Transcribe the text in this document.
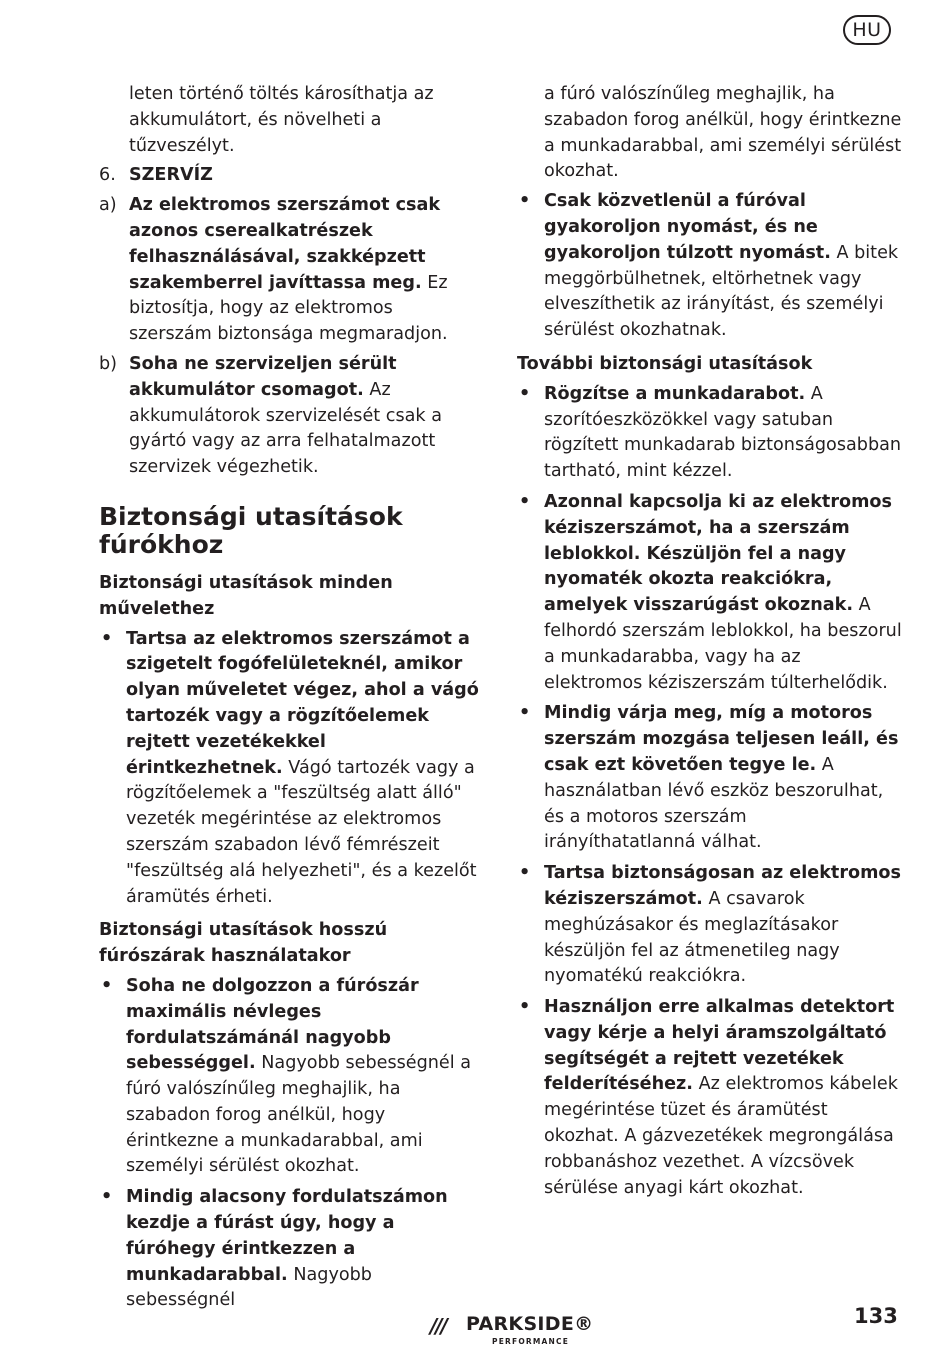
HU

leten történő töltés károsíthatja az akkumulátort, és növelheti a tűzveszélyt.

6. SZERVÍZ

a) Az elektromos szerszámot csak azonos cserealkatrészek felhasználásával, szakképzett szakemberrel javíttassa meg. Ez biztosítja, hogy az elektromos szerszám biztonsága megmaradjon.

b) Soha ne szervizeljen sérült akkumulátor csomagot. Az akkumulátorok szervizelését csak a gyártó vagy az arra felhatalmazott szervizek végezhetik.

Biztonsági utasítások fúrókhoz

Biztonsági utasítások minden művelethez

• Tartsa az elektromos szerszámot a szigetelt fogófelületeknél, amikor olyan műveletet végez, ahol a vágó tartozék vagy a rögzítőelemek rejtett vezetékekkel érintkezhetnek. Vágó tartozék vagy a rögzítőelemek a "feszültség alatt álló" vezeték megérintése az elektromos szerszám szabadon lévő fémrészeit "feszültség alá helyezheti", és a kezelőt áramütés érheti.

Biztonsági utasítások hosszú fúrószárak használatakor

• Soha ne dolgozzon a fúrószár maximális névleges fordulatszámánál nagyobb sebességgel. Nagyobb sebességnél a fúró valószínűleg meghajlik, ha szabadon forog anélkül, hogy érintkezne a munkadarabbal, ami személyi sérülést okozhat.

• Mindig alacsony fordulatszámon kezdje a fúrást úgy, hogy a fúróhegy érintkezzen a munkadarabbal. Nagyobb sebességnél

a fúró valószínűleg meghajlik, ha szabadon forog anélkül, hogy érintkezne a munkadarabbal, ami személyi sérülést okozhat.

• Csak közvetlenül a fúróval gyakoroljon nyomást, és ne gyakoroljon túlzott nyomást. A bitek meggörbülhetnek, eltörhetnek vagy elveszíthetik az irányítást, és személyi sérülést okozhatnak.

További biztonsági utasítások

• Rögzítse a munkadarabot. A szorítóeszközökkel vagy satuban rögzített munkadarab biztonságosabban tartható, mint kézzel.

• Azonnal kapcsolja ki az elektromos kéziszerszámot, ha a szerszám leblokkol. Készüljön fel a nagy nyomaték okozta reakciókra, amelyek visszarúgást okoznak. A felhordó szerszám leblokkol, ha beszorul a munkadarabba, vagy ha az elektromos kéziszerszám túlterhelődik.

• Mindig várja meg, míg a motoros szerszám mozgása teljesen leáll, és csak ezt követően tegye le. A használatban lévő eszköz beszorulhat, és a motoros szerszám irányíthatatlanná válhat.

• Tartsa biztonságosan az elektromos kéziszerszámot. A csavarok meghúzásakor és meglazításakor készüljön fel az átmenetileg nagy nyomatékú reakciókra.

• Használjon erre alkalmas detektort vagy kérje a helyi áramszolgáltató segítségét a rejtett vezetékek felderítéséhez. Az elektromos kábelek megérintése tüzet és áramütést okozhat. A gázvezetékek megrongálása robbanáshoz vezethet. A vízcsövek sérülése anyagi kárt okozhat.

/// PARKSIDE®
PERFORMANCE
133
